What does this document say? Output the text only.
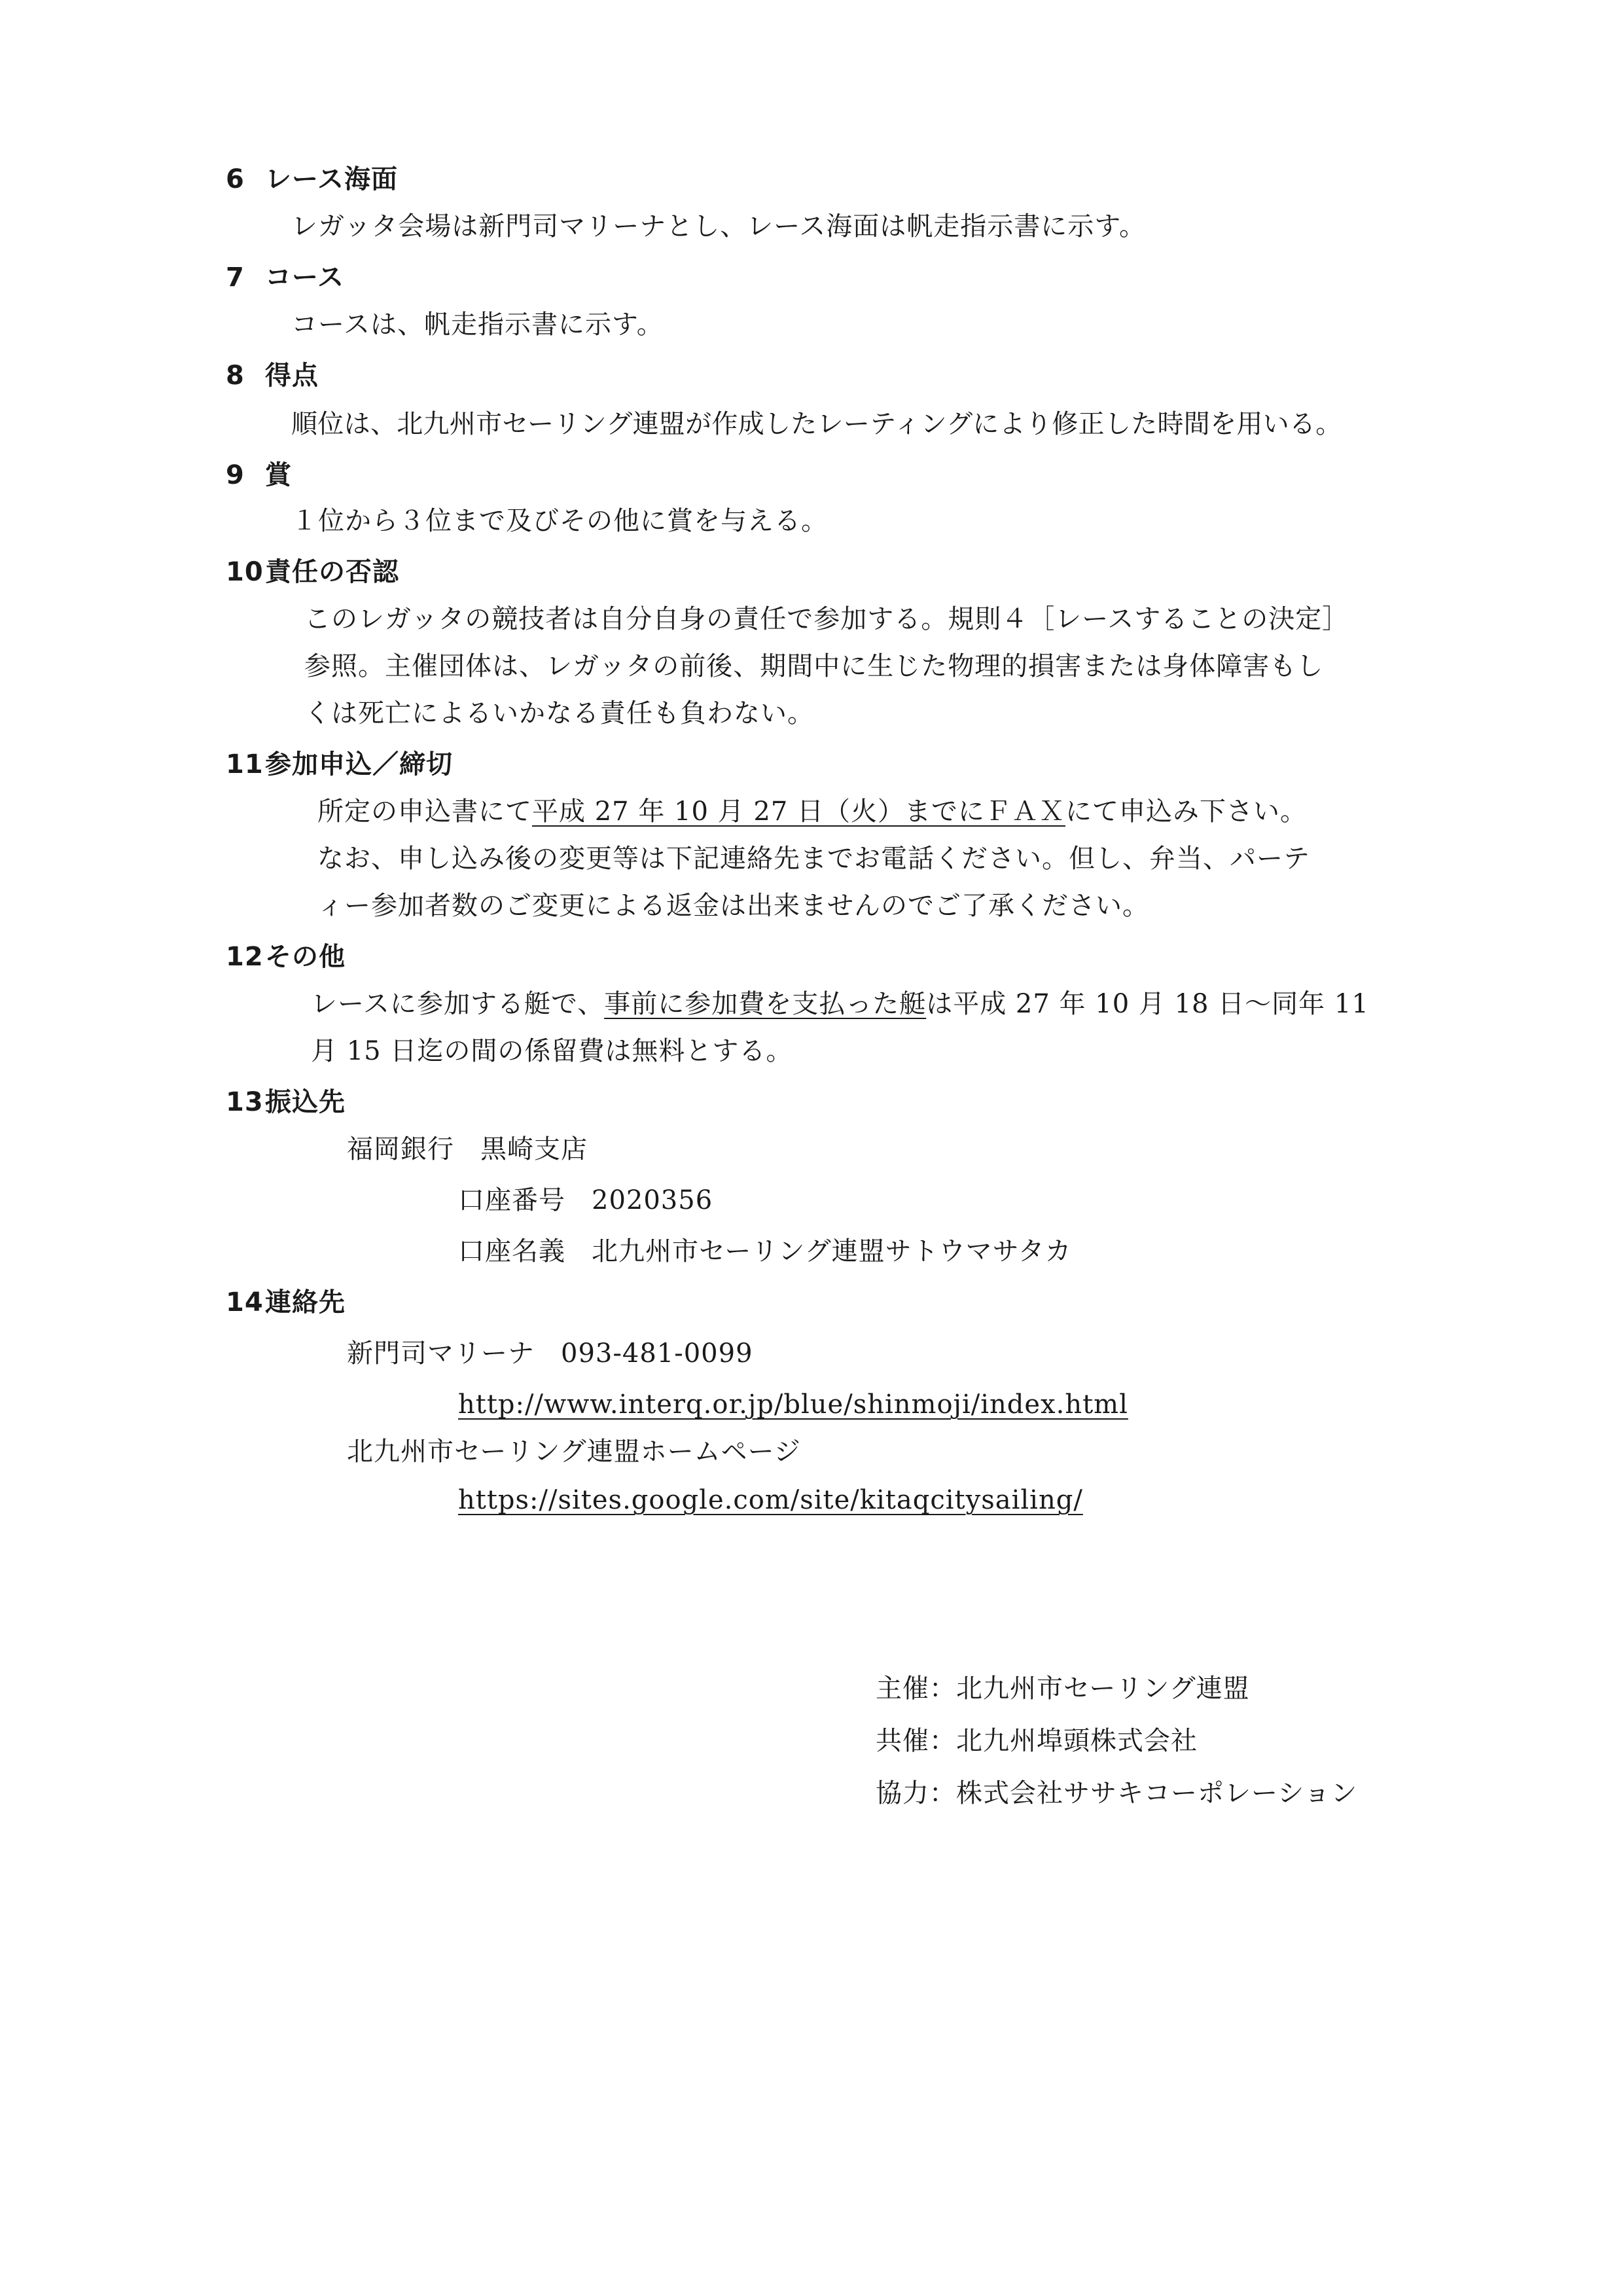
6 レース海面
レガッタ会場は新門司マリーナとし、レース海面は帆走指示書に示す。
7 コース
コースは、帆走指示書に示す。
8 得点
順位は、北九州市セーリング連盟が作成したレーティングにより修正した時間を用いる。
9 賞
１位から３位まで及びその他に賞を与える。
10責任の否認
このレガッタの競技者は自分自身の責任で参加する。規則４［レースすることの決定］
参照。主催団体は、レガッタの前後、期間中に生じた物理的損害または身体障害もし
くは死亡によるいかなる責任も負わない。
11参加申込／締切
所定の申込書にて平成 27 年 10 月 27 日（火）までにＦＡＸにて申込み下さい。
なお、申し込み後の変更等は下記連絡先までお電話ください。但し、弁当、パーテ
ィー参加者数のご変更による返金は出来ませんのでご了承ください。
12その他
レースに参加する艇で、事前に参加費を支払った艇は平成 27 年 10 月 18 日～同年 11
月 15 日迄の間の係留費は無料とする。
13振込先
福岡銀行 黒崎支店
口座番号 2020356
口座名義 北九州市セーリング連盟サトウマサタカ
14連絡先
新門司マリーナ 093-481-0099
http://www.interq.or.jp/blue/shinmoji/index.html
北九州市セーリング連盟ホームページ
https://sites.google.com/site/kitaqcitysailing/
主催：北九州市セーリング連盟
共催：北九州埠頭株式会社
協力：株式会社ササキコーポレーション
